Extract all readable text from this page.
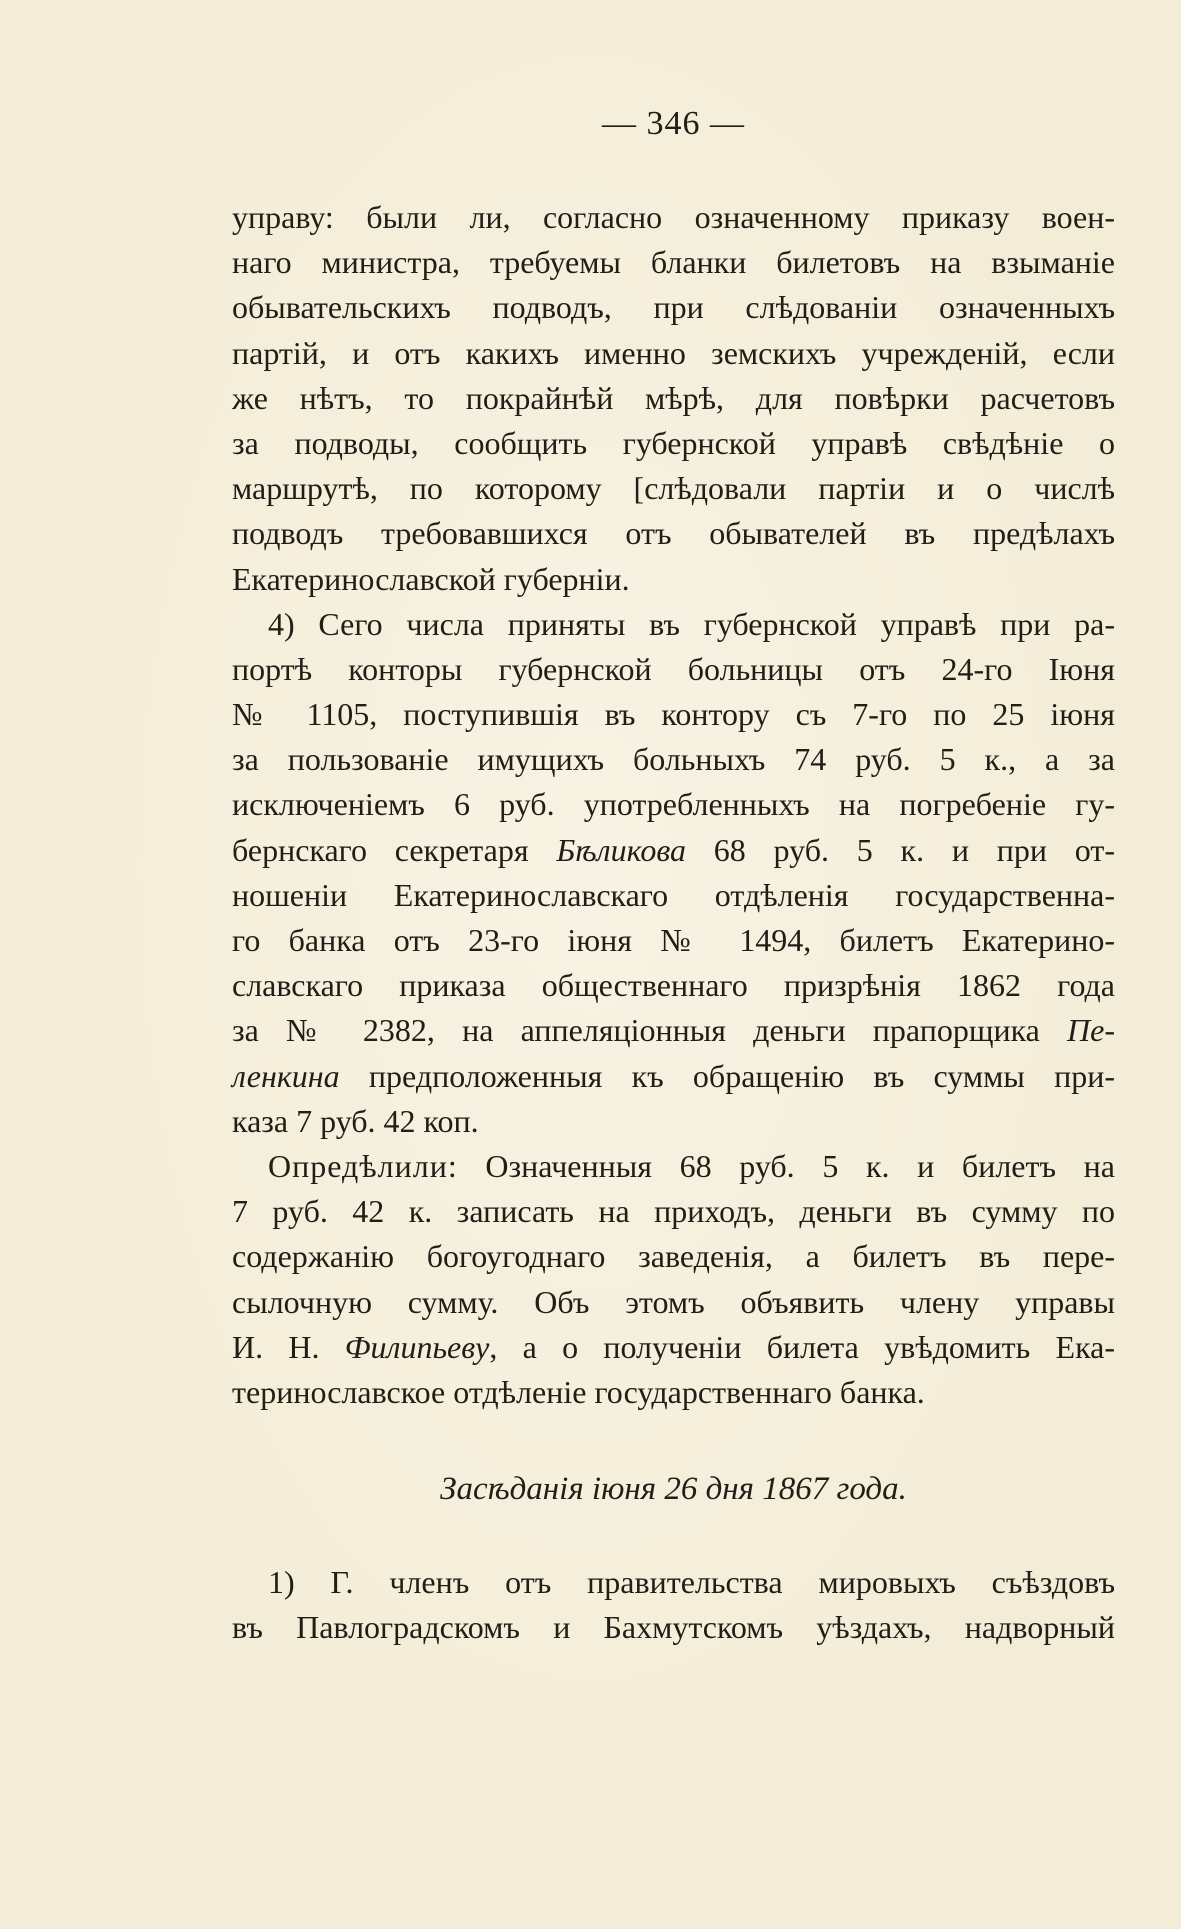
— 346 —
управу: были ли, согласно означенному приказу воен-
наго министра, требуемы бланки билетовъ на взыманіе
обывательскихъ подводъ, при слѣдованіи означенныхъ
партій, и отъ какихъ именно земскихъ учрежденій, если
же нѣтъ, то покрайнѣй мѣрѣ, для повѣрки расчетовъ
за подводы, сообщить губернской управѣ свѣдѣніе о
маршрутѣ, по которому [слѣдовали партіи и о числѣ
подводъ требовавшихся отъ обывателей въ предѣлахъ
Екатеринославской губерніи.
4) Сего числа приняты въ губернской управѣ при ра-
портѣ конторы губернской больницы отъ 24-го Іюня
№ 1105, поступившія въ контору съ 7-го по 25 іюня
за пользованіе имущихъ больныхъ 74 руб. 5 к., а за
исключеніемъ 6 руб. употребленныхъ на погребеніе гу-
бернскаго секретаря Бѣликова 68 руб. 5 к. и при от-
ношеніи Екатеринославскаго отдѣленія государственна-
го банка отъ 23-го іюня № 1494, билетъ Екатерино-
славскаго приказа общественнаго призрѣнія 1862 года
за № 2382, на аппеляціонныя деньги прапорщика Пе-
ленкина предположенныя къ обращенію въ суммы при-
каза 7 руб. 42 коп.
Опредѣлили: Означенныя 68 руб. 5 к. и билетъ на
7 руб. 42 к. записать на приходъ, деньги въ сумму по
содержанію богоугоднаго заведенія, а билетъ въ пере-
сылочную сумму. Объ этомъ объявить члену управы
И. Н. Филипьеву, а о полученіи билета увѣдомить Ека-
теринославское отдѣленіе государственнаго банка.
Засѣданія іюня 26 дня 1867 года.
1) Г. членъ отъ правительства мировыхъ съѣздовъ
въ Павлоградскомъ и Бахмутскомъ уѣздахъ, надворный
